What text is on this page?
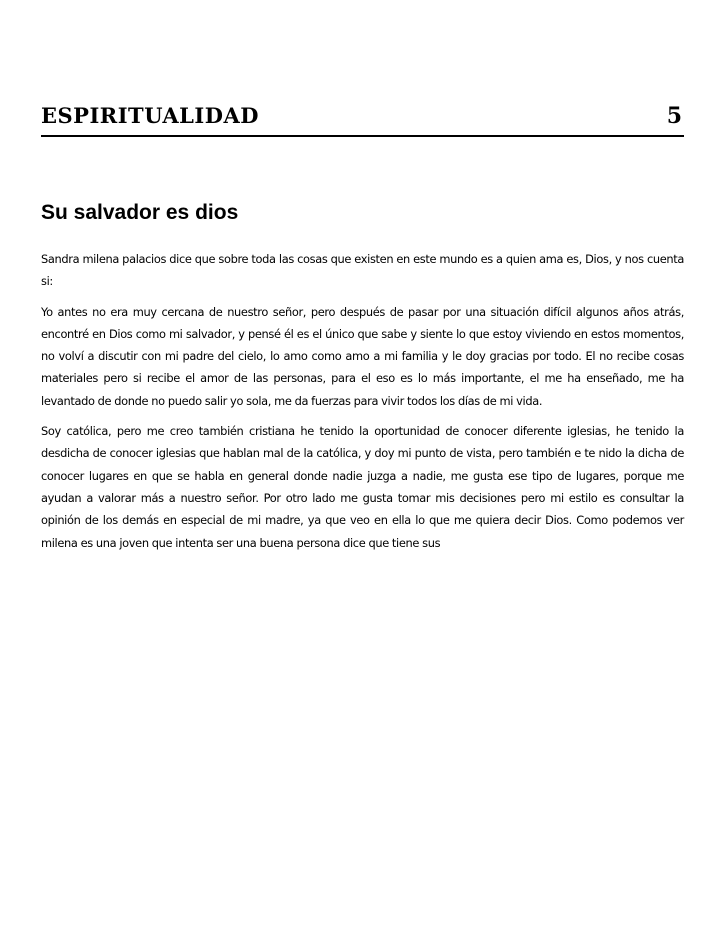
ESPIRITUALIDAD	5
Su salvador es dios

Sandra milena palacios dice que sobre toda las cosas que existen en este mundo es a quien ama es, Dios, y nos cuenta si:

Yo antes no era muy cercana de nuestro señor, pero después de pasar por una situación difícil algunos años atrás, encontré en Dios como mi salvador, y pensé él es el único que sabe y siente lo que estoy viviendo en estos momentos, no volví a discutir con mi padre del cielo, lo amo como amo a mi familia y le doy gracias por todo. El no recibe cosas materiales pero si recibe el amor de las personas, para el eso es lo más importante, el me ha enseñado, me ha levantado de donde no puedo salir yo sola, me da fuerzas para vivir todos los días de mi vida.

Soy católica, pero me creo también cristiana he tenido la oportunidad de conocer diferente iglesias, he tenido la desdicha de conocer iglesias que hablan mal de la católica, y doy mi punto de vista, pero también e te nido la dicha de conocer lugares en que se habla en general donde nadie juzga a nadie, me gusta ese tipo de lugares, porque me ayudan a valorar más a nuestro señor. Por otro lado me gusta tomar mis decisiones pero mi estilo es consultar la opinión de los demás en especial de mi madre, ya que veo en ella lo que me quiera decir Dios. Como podemos ver milena es una joven que intenta ser una buena persona dice que tiene sus
